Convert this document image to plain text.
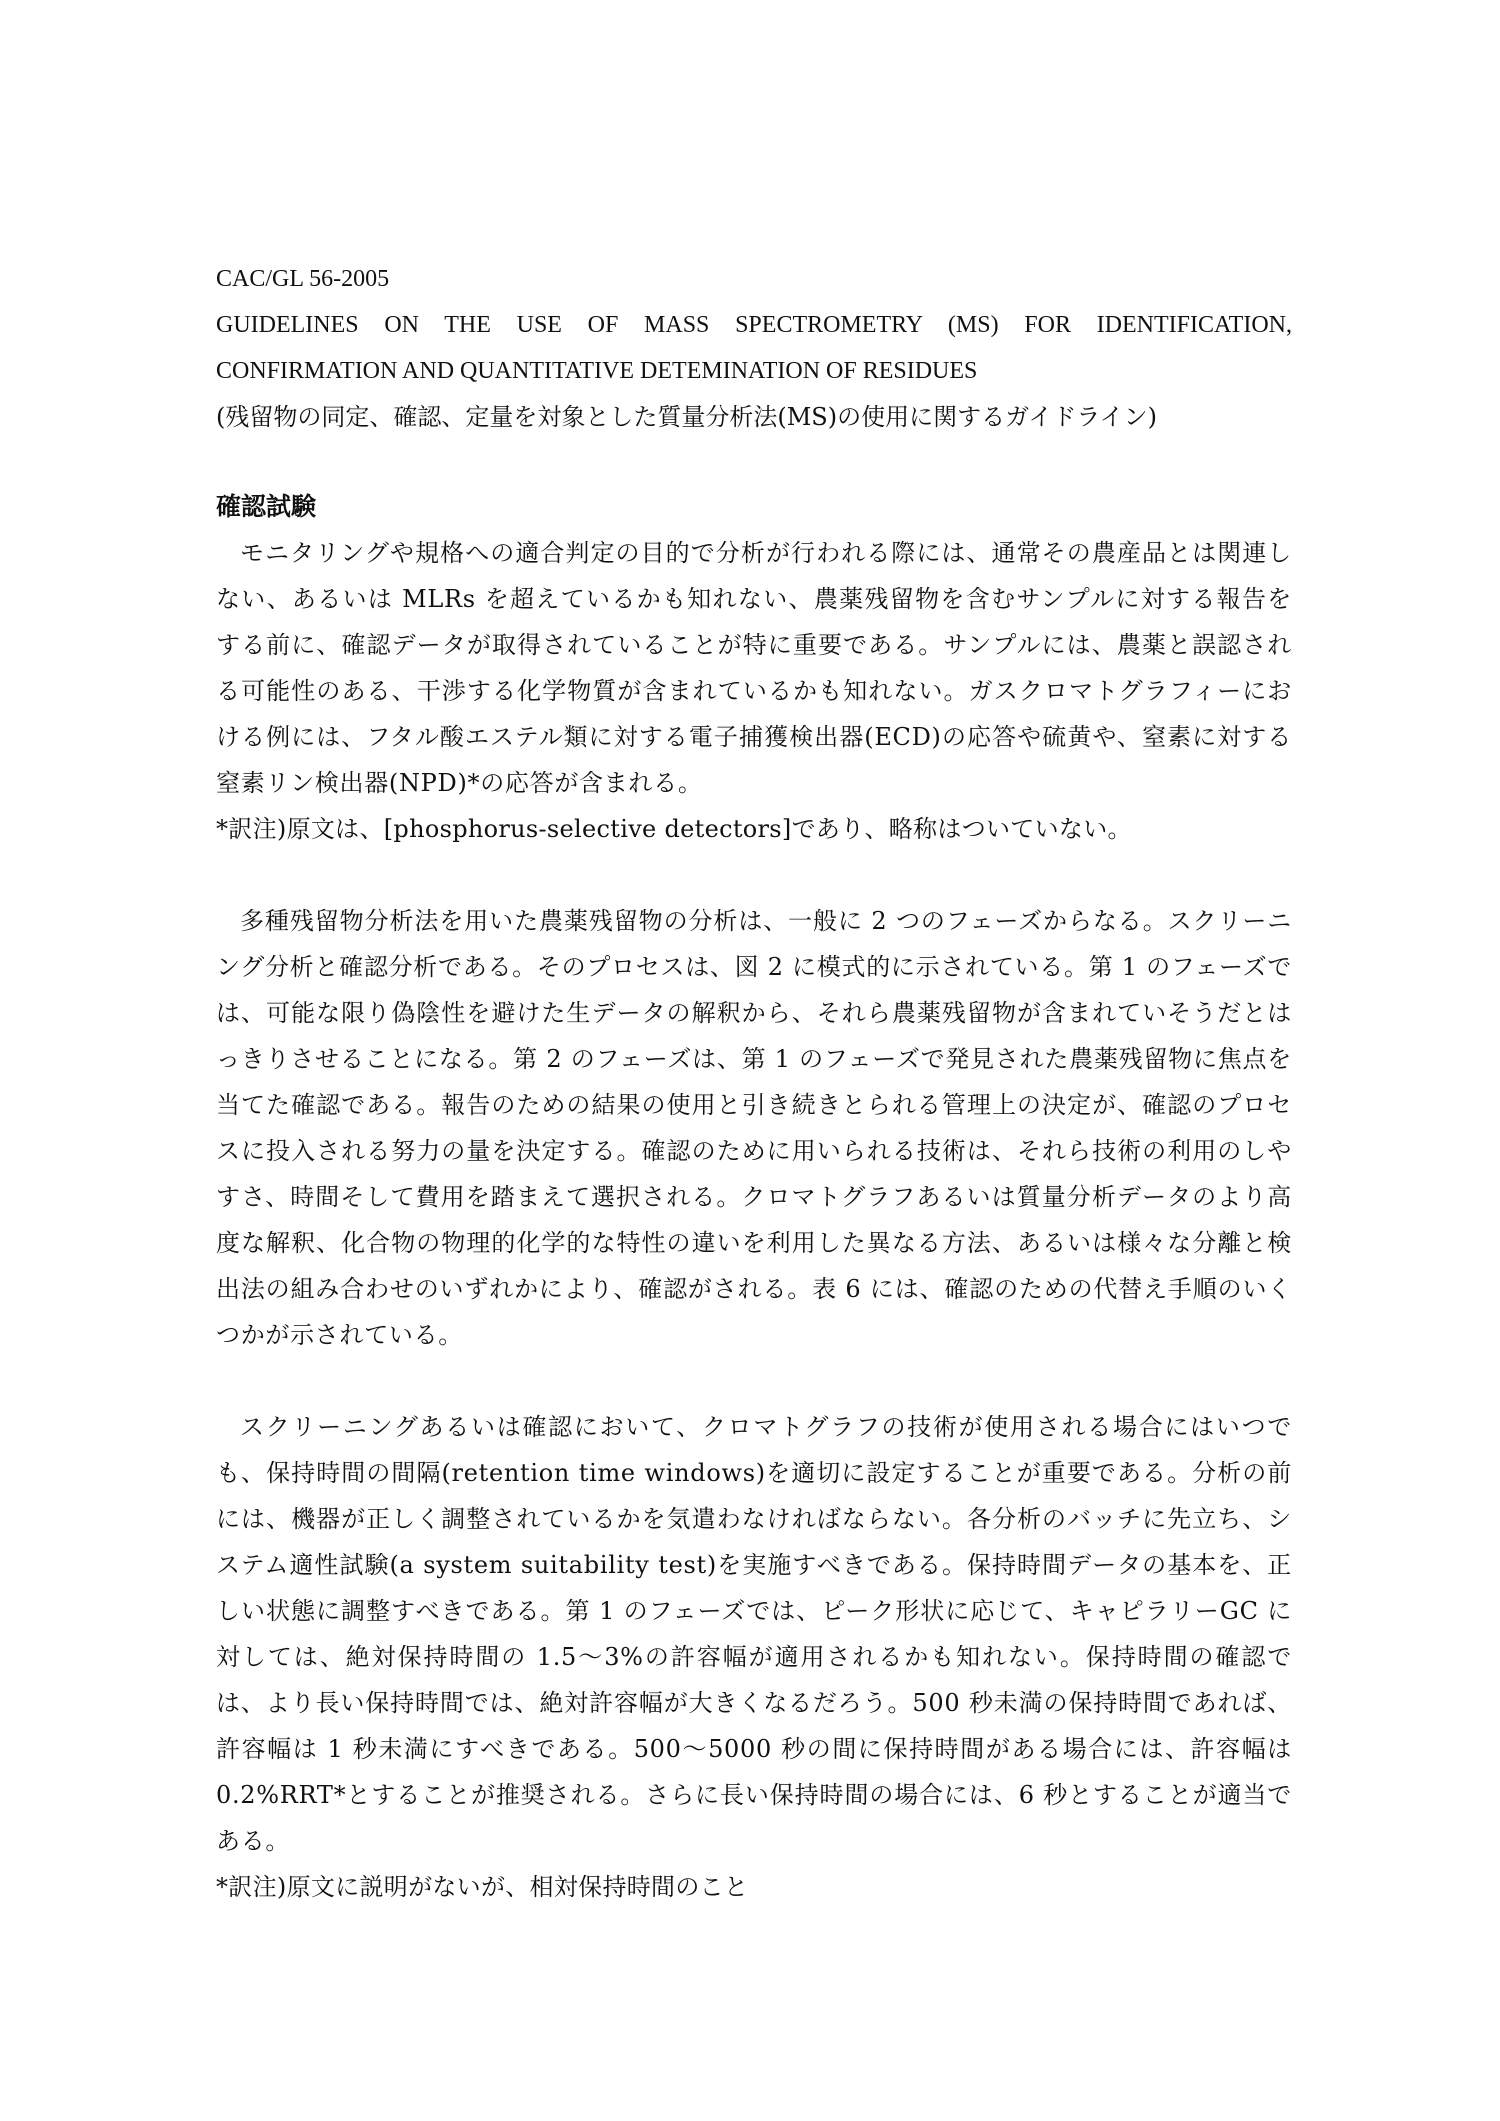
CAC/GL 56-2005

GUIDELINES ON THE USE OF MASS SPECTROMETRY (MS) FOR IDENTIFICATION,

CONFIRMATION AND QUANTITATIVE DETEMINATION OF RESIDUES

(残留物の同定、確認、定量を対象とした質量分析法(MS)の使用に関するガイドライン)

確認試験

モニタリングや規格への適合判定の目的で分析が行われる際には、通常その農産品とは関連しない、あるいは MLRs を超えているかも知れない、農薬残留物を含むサンプルに対する報告をする前に、確認データが取得されていることが特に重要である。サンプルには、農薬と誤認される可能性のある、干渉する化学物質が含まれているかも知れない。ガスクロマトグラフィーにおける例には、フタル酸エステル類に対する電子捕獲検出器(ECD)の応答や硫黄や、窒素に対する窒素リン検出器(NPD)*の応答が含まれる。

*訳注)原文は、[phosphorus-selective detectors]であり、略称はついていない。

多種残留物分析法を用いた農薬残留物の分析は、一般に 2 つのフェーズからなる。スクリーニング分析と確認分析である。そのプロセスは、図 2 に模式的に示されている。第 1 のフェーズでは、可能な限り偽陰性を避けた生データの解釈から、それら農薬残留物が含まれていそうだとはっきりさせることになる。第 2 のフェーズは、第 1 のフェーズで発見された農薬残留物に焦点を当てた確認である。報告のための結果の使用と引き続きとられる管理上の決定が、確認のプロセスに投入される努力の量を決定する。確認のために用いられる技術は、それら技術の利用のしやすさ、時間そして費用を踏まえて選択される。クロマトグラフあるいは質量分析データのより高度な解釈、化合物の物理的化学的な特性の違いを利用した異なる方法、あるいは様々な分離と検出法の組み合わせのいずれかにより、確認がされる。表 6 には、確認のための代替え手順のいくつかが示されている。

スクリーニングあるいは確認において、クロマトグラフの技術が使用される場合にはいつでも、保持時間の間隔(retention time windows)を適切に設定することが重要である。分析の前には、機器が正しく調整されているかを気遣わなければならない。各分析のバッチに先立ち、システム適性試験(a system suitability test)を実施すべきである。保持時間データの基本を、正しい状態に調整すべきである。第 1 のフェーズでは、ピーク形状に応じて、キャピラリーGC に対しては、絶対保持時間の 1.5～3%の許容幅が適用されるかも知れない。保持時間の確認では、より長い保持時間では、絶対許容幅が大きくなるだろう。500 秒未満の保持時間であれば、許容幅は 1 秒未満にすべきである。500～5000 秒の間に保持時間がある場合には、許容幅は 0.2%RRT*とすることが推奨される。さらに長い保持時間の場合には、6 秒とすることが適当である。

*訳注)原文に説明がないが、相対保持時間のこと
